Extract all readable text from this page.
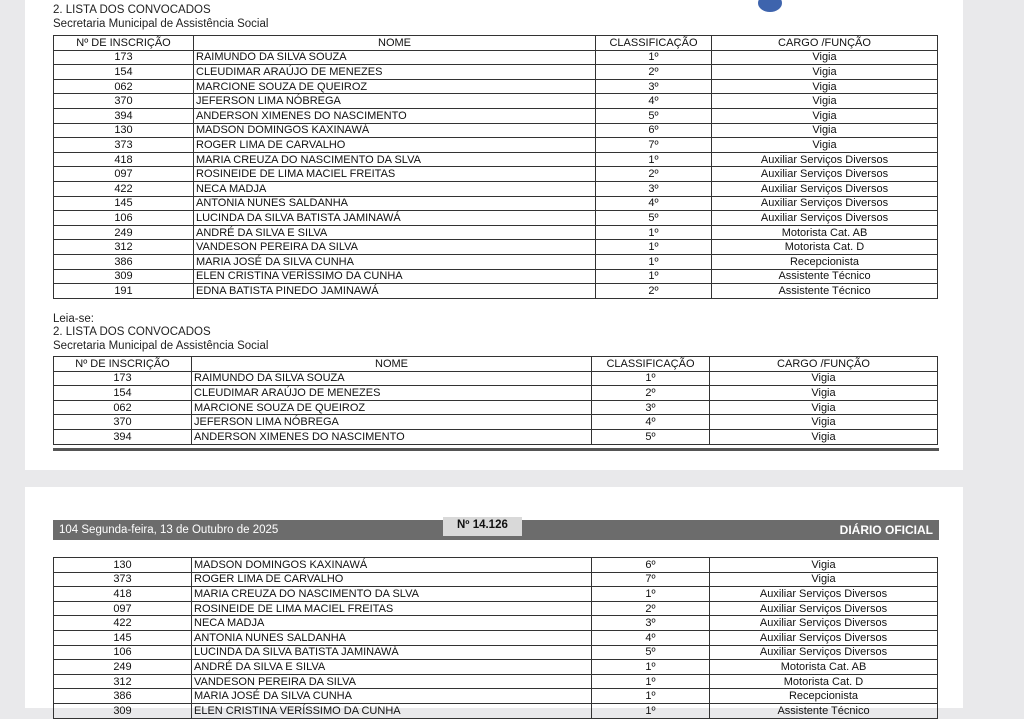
2. LISTA DOS CONVOCADOS
Secretaria Municipal de Assistência Social
Nº DE INSCRIÇÃO	NOME	CLASSIFICAÇÃO	CARGO /FUNÇÃO
173	RAIMUNDO DA SILVA SOUZA	1º	Vigia
154	CLEUDIMAR ARAÚJO DE MENEZES	2º	Vigia
062	MARCIONE SOUZA DE QUEIROZ	3º	Vigia
370	JEFERSON LIMA NÓBREGA	4º	Vigia
394	ANDERSON XIMENES DO NASCIMENTO	5º	Vigia
130	MADSON DOMINGOS KAXINAWÁ	6º	Vigia
373	ROGER LIMA DE CARVALHO	7º	Vigia
418	MARIA CREUZA DO NASCIMENTO DA SLVA	1º	Auxiliar Serviços Diversos
097	ROSINEIDE DE LIMA MACIEL FREITAS	2º	Auxiliar Serviços Diversos
422	NECA MADJA	3º	Auxiliar Serviços Diversos
145	ANTONIA NUNES SALDANHA	4º	Auxiliar Serviços Diversos
106	LUCINDA DA SILVA BATISTA JAMINAWÁ	5º	Auxiliar Serviços Diversos
249	ANDRÉ DA SILVA E SILVA	1º	Motorista Cat. AB
312	VANDESON PEREIRA DA SILVA	1º	Motorista Cat. D
386	MARIA JOSÉ DA SILVA CUNHA	1º	Recepcionista
309	ELEN CRISTINA VERÍSSIMO DA CUNHA	1º	Assistente Técnico
191	EDNA BATISTA PINEDO JAMINAWÁ	2º	Assistente Técnico
Leia-se:
2. LISTA DOS CONVOCADOS
Secretaria Municipal de Assistência Social
Nº DE INSCRIÇÃO	NOME	CLASSIFICAÇÃO	CARGO /FUNÇÃO
173	RAIMUNDO DA SILVA SOUZA	1º	Vigia
154	CLEUDIMAR ARAÚJO DE MENEZES	2º	Vigia
062	MARCIONE SOUZA DE QUEIROZ	3º	Vigia
370	JEFERSON LIMA NÓBREGA	4º	Vigia
394	ANDERSON XIMENES DO NASCIMENTO	5º	Vigia
104 Segunda-feira, 13 de Outubro de 2025	Nº 14.126	DIÁRIO OFICIAL
130	MADSON DOMINGOS KAXINAWÁ	6º	Vigia
373	ROGER LIMA DE CARVALHO	7º	Vigia
418	MARIA CREUZA DO NASCIMENTO DA SLVA	1º	Auxiliar Serviços Diversos
097	ROSINEIDE DE LIMA MACIEL FREITAS	2º	Auxiliar Serviços Diversos
422	NECA MADJA	3º	Auxiliar Serviços Diversos
145	ANTONIA NUNES SALDANHA	4º	Auxiliar Serviços Diversos
106	LUCINDA DA SILVA BATISTA JAMINAWÁ	5º	Auxiliar Serviços Diversos
249	ANDRÉ DA SILVA E SILVA	1º	Motorista Cat. AB
312	VANDESON PEREIRA DA SILVA	1º	Motorista Cat. D
386	MARIA JOSÉ DA SILVA CUNHA	1º	Recepcionista
309	ELEN CRISTINA VERÍSSIMO DA CUNHA	1º	Assistente Técnico
